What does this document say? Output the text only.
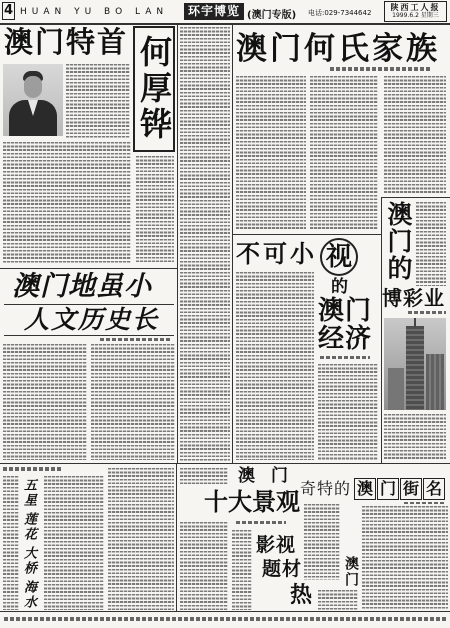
4 HUAN YU BO LAN	环宇博览 (澳门专版) 电话:029-7344642
陕西工人报
1999.6.2 星期三
澳门特首 何厚铧 澳门何氏家族
澳门地虽小
人文历史长
不可小 视
的
澳门
经济
澳门的
博彩业
五星
莲花
大桥
海水
澳门
十大景观
影视
题材
热
澳门
奇特的 澳 门 街 名
